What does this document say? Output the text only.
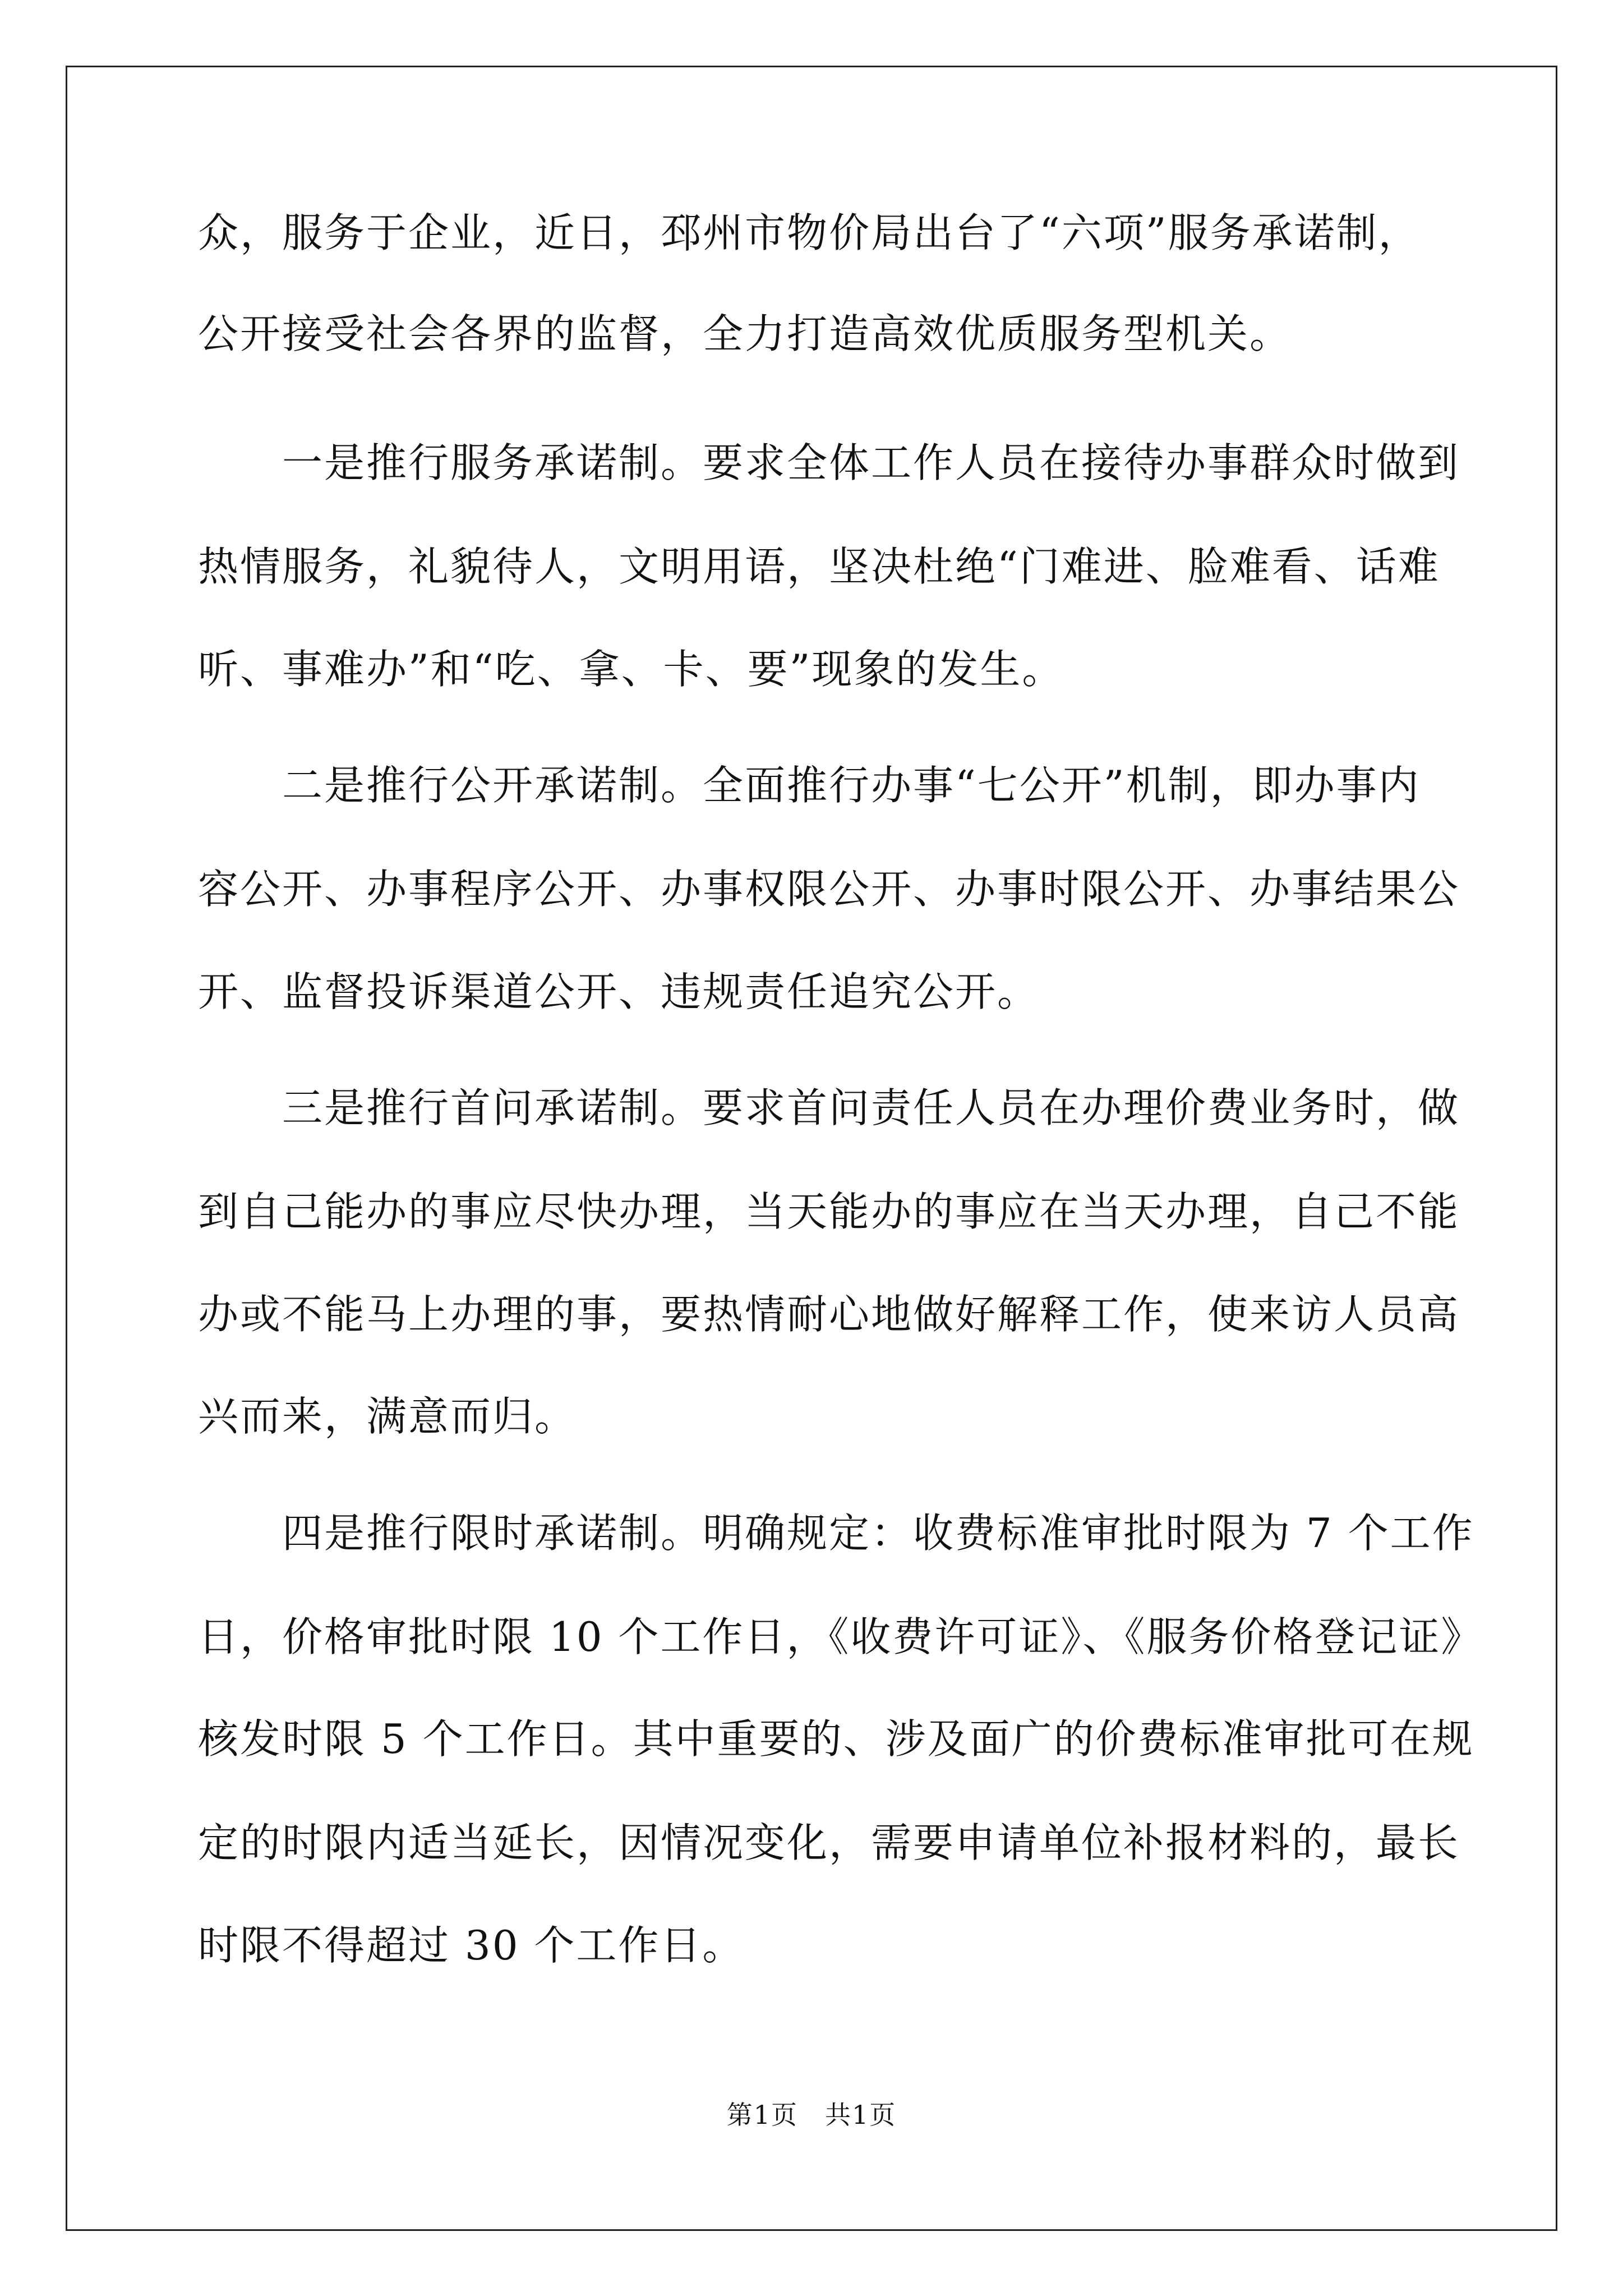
众，服务于企业，近日，邳州市物价局出台了“六项”服务承诺制，
公开接受社会各界的监督，全力打造高效优质服务型机关。
　　一是推行服务承诺制。要求全体工作人员在接待办事群众时做到
热情服务，礼貌待人，文明用语，坚决杜绝“门难进、脸难看、话难
听、事难办”和“吃、拿、卡、要”现象的发生。
　　二是推行公开承诺制。全面推行办事“七公开”机制，即办事内
容公开、办事程序公开、办事权限公开、办事时限公开、办事结果公
开、监督投诉渠道公开、违规责任追究公开。
　　三是推行首问承诺制。要求首问责任人员在办理价费业务时，做
到自己能办的事应尽快办理，当天能办的事应在当天办理，自己不能
办或不能马上办理的事，要热情耐心地做好解释工作，使来访人员高
兴而来，满意而归。
　　四是推行限时承诺制。明确规定：收费标准审批时限为 7 个工作
日，价格审批时限 10 个工作日，《收费许可证》、《服务价格登记证》
核发时限 5 个工作日。其中重要的、涉及面广的价费标准审批可在规
定的时限内适当延长，因情况变化，需要申请单位补报材料的，最长
时限不得超过 30 个工作日。
第1页　共1页
